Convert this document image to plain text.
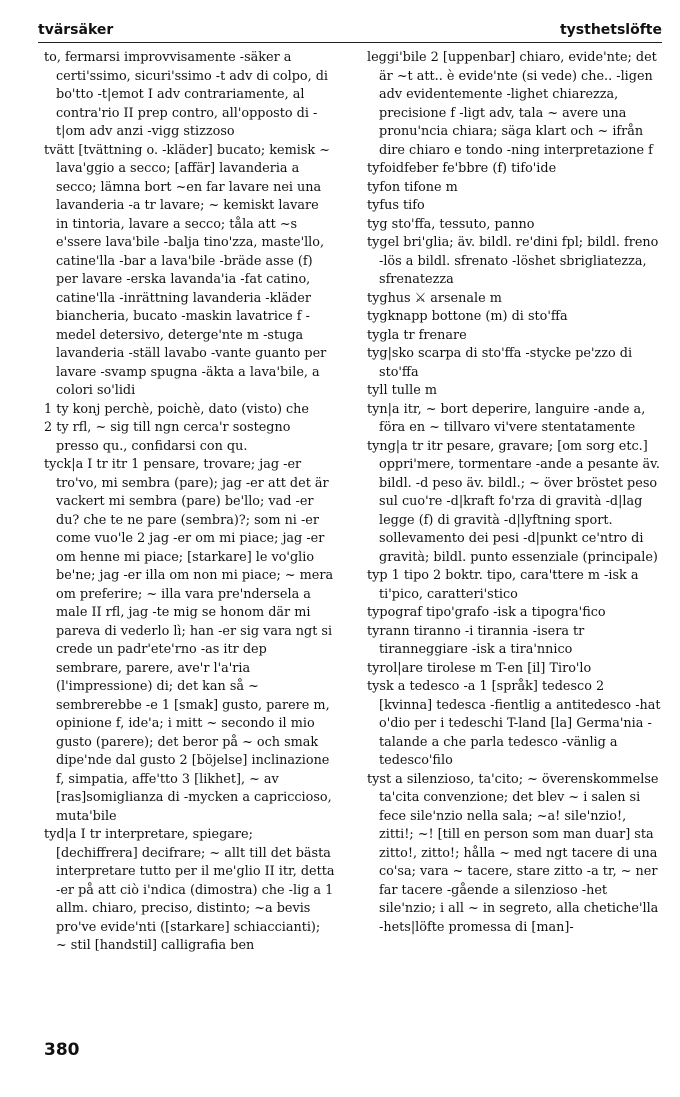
tvärsäker	tysthetslöfte

to, fermarsi improvvisamente -säker a certi'ssimo, sicuri'ssimo -t adv di colpo, di bo'tto -t|emot I adv contrariamente, al contra'rio II prep contro, all'opposto di -t|om adv anzi -vigg stizzoso

tvätt [tvättning o. -kläder] bucato; kemisk ~ lava'ggio a secco; [affär] lavanderia a secco; lämna bort ~en far lavare nei una lavanderia -a tr lavare; ~ kemiskt lavare in tintoria, lavare a secco; tåla att ~s e'ssere lava'bile -balja tino'zza, maste'llo, catine'lla -bar a lava'bile -bräde asse (f) per lavare -erska lavanda'ia -fat catino, catine'lla -inrättning lavanderia -kläder biancheria, bucato -maskin lavatrice f -medel detersivo, deterge'nte m -stuga lavanderia -ställ lavabo -vante guanto per lavare -svamp spugna -äkta a lava'bile, a colori so'lidi

1 ty konj perchè, poichè, dato (visto) che

2 ty rfl, ~ sig till ngn cerca'r sostegno presso qu., confidarsi con qu.

tyck|a I tr itr 1 pensare, trovare; jag -er tro'vo, mi sembra (pare); jag -er att det är vackert mi sembra (pare) be'llo; vad -er du? che te ne pare (sembra)?; som ni -er come vuo'le 2 jag -er om mi piace; jag -er om henne mi piace; [starkare] le vo'glio be'ne; jag -er illa om non mi piace; ~ mera om preferire; ~ illa vara pre'ndersela a male II rfl, jag -te mig se honom där mi pareva di vederlo lì; han -er sig vara ngt si crede un padr'ete'rno -as itr dep sembrare, parere, ave'r l'a'ria (l'impressione) di; det kan så ~ sembrerebbe -e 1 [smak] gusto, parere m, opinione f, ide'a; i mitt ~ secondo il mio gusto (parere); det beror på ~ och smak dipe'nde dal gusto 2 [böjelse] inclinazione f, simpatia, affe'tto 3 [likhet], ~ av [ras]somiglianza di -mycken a capriccioso, muta'bile

tyd|a I tr interpretare, spiegare; [dechiffrera] decifrare; ~ allt till det bästa interpretare tutto per il me'glio II itr, detta -er på att ciò i'ndica (dimostra) che -lig a 1 allm. chiaro, preciso, distinto; ~a bevis pro've evide'nti ([starkare] schiaccianti); ~ stil [handstil] calligrafia ben

leggi'bile 2 [uppenbar] chiaro, evide'nte; det är ~t att.. è evide'nte (si vede) che.. -ligen adv evidentemente -lighet chiarezza, precisione f -ligt adv, tala ~ avere una pronu'ncia chiara; säga klart och ~ ifrån dire chiaro e tondo -ning interpretazione f

tyfoidfeber fe'bbre (f) tifo'ide

tyfon tifone m

tyfus tifo

tyg sto'ffa, tessuto, panno

tygel bri'glia; äv. bildl. re'dini fpl; bildl. freno -lös a bildl. sfrenato -löshet sbrigliatezza, sfrenatezza

tyghus ⚔ arsenale m

tygknapp bottone (m) di sto'ffa

tygla tr frenare

tyg|sko scarpa di sto'ffa -stycke pe'zzo di sto'ffa

tyll tulle m

tyn|a itr, ~ bort deperire, languire -ande a, föra en ~ tillvaro vi'vere stentatamente

tyng|a tr itr pesare, gravare; [om sorg etc.] oppri'mere, tormentare -ande a pesante äv. bildl. -d peso äv. bildl.; ~ över bröstet peso sul cuo're -d|kraft fo'rza di gravità -d|lag legge (f) di gravità -d|lyftning sport. sollevamento dei pesi -d|punkt ce'ntro di gravità; bildl. punto essenziale (principale)

typ 1 tipo 2 boktr. tipo, cara'ttere m -isk a ti'pico, caratteri'stico

typograf tipo'grafo -isk a tipogra'fico

tyrann tiranno -i tirannia -isera tr tiranneggiare -isk a tira'nnico

tyrol|are tirolese m T-en [il] Tiro'lo

tysk a tedesco -a 1 [språk] tedesco 2 [kvinna] tedesca -fientlig a antitedesco -hat o'dio per i tedeschi T-land [la] Germa'nia -talande a che parla tedesco -vänlig a tedesco'filo

tyst a silenzioso, ta'cito; ~ överenskommelse ta'cita convenzione; det blev ~ i salen si fece sile'nzio nella sala; ~a! sile'nzio!, zitti!; ~! [till en person som man duar] sta zitto!, zitto!; hålla ~ med ngt tacere di una co'sa; vara ~ tacere, stare zitto -a tr, ~ ner far tacere -gående a silenzioso -het sile'nzio; i all ~ in segreto, alla chetiche'lla -hets|löfte promessa di [man]-

380
